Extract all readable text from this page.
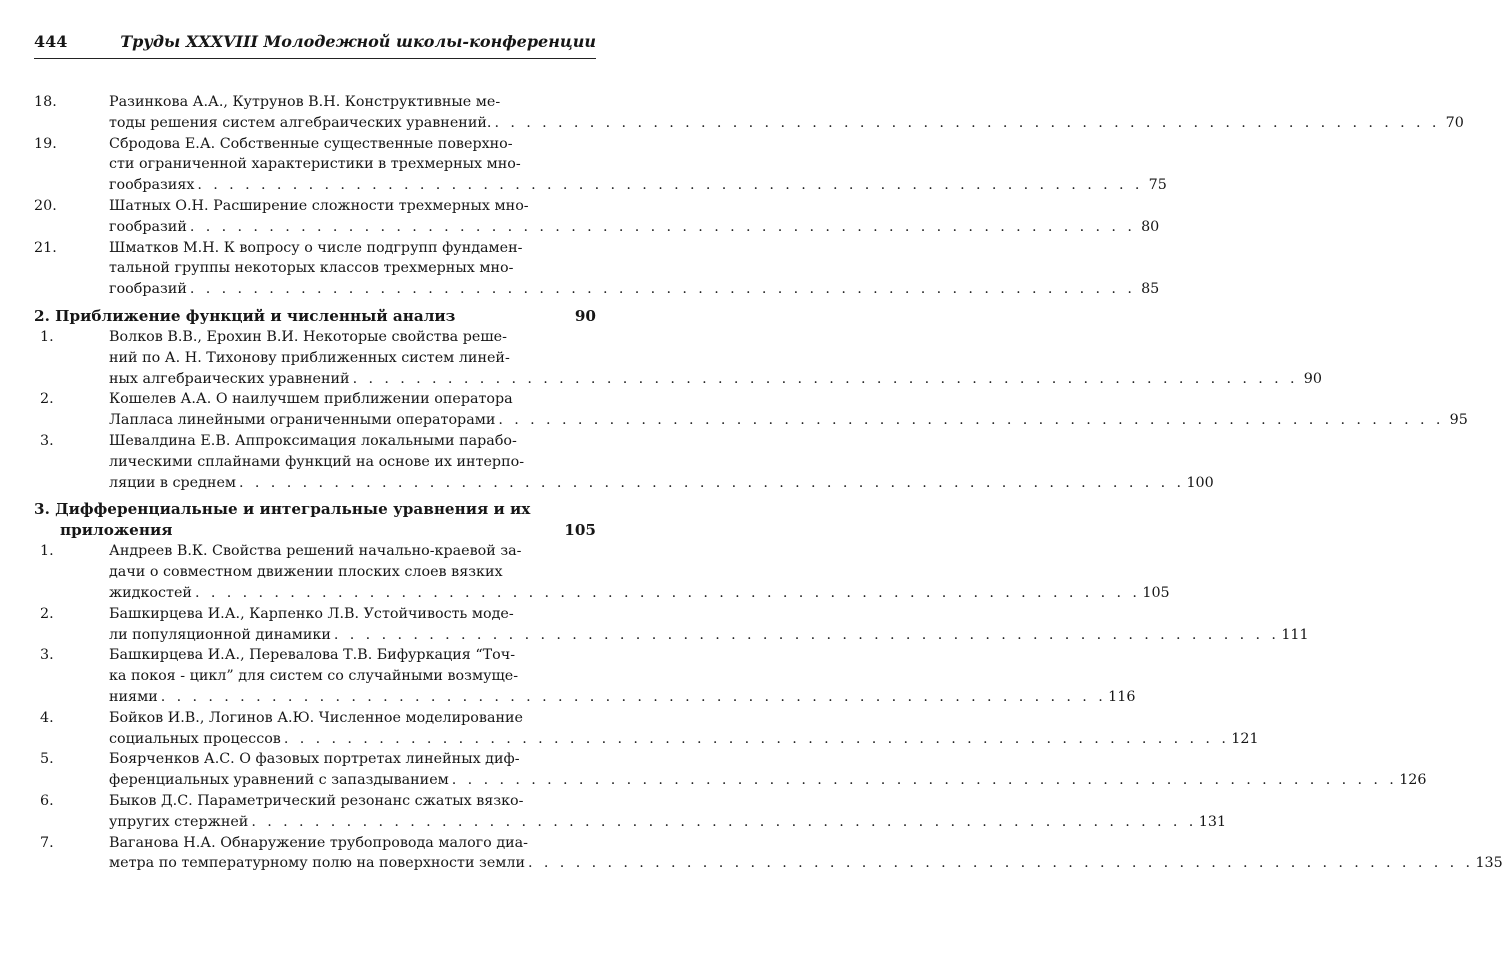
444	Труды XXXVIII Молодежной школы-конференции
18.	Разинкова А.А., Кутрунов В.Н. Конструктивные ме-
тоды решения систем алгебраических уравнений. . . . . . . . . . . . . . . . . . . . . . . . . . . . . . . . . . . . . . . . . . . . . . . . . . . . . . . . . . . . . 70
19.	Сбродова Е.А. Собственные существенные поверхно-
сти ограниченной характеристики в трехмерных мно-
гообразиях . . . . . . . . . . . . . . . . . . . . . . . . . . . . . . . . . . . . . . . . . . . . . . . . . . . . . . . . . . . . 75
20.	Шатных О.Н. Расширение сложности трехмерных мно-
гообразий . . . . . . . . . . . . . . . . . . . . . . . . . . . . . . . . . . . . . . . . . . . . . . . . . . . . . . . . . . . . 80
21.	Шматков М.Н. К вопросу о числе подгрупп фундамен-
тальной группы некоторых классов трехмерных мно-
гообразий . . . . . . . . . . . . . . . . . . . . . . . . . . . . . . . . . . . . . . . . . . . . . . . . . . . . . . . . . . . . 85
2. Приближение функций и численный анализ	90
1.	Волков В.В., Ерохин В.И. Некоторые свойства реше-
ний по А. Н. Тихонову приближенных систем линей-
ных алгебраических уравнений . . . . . . . . . . . . . . . . . . . . . . . . . . . . . . . . . . . . . . . . . . . . . . . . . . . . . . . . . . . . 90
2.	Кошелев А.А. О наилучшем приближении оператора
Лапласа линейными ограниченными операторами . . . . . . . . . . . . . . . . . . . . . . . . . . . . . . . . . . . . . . . . . . . . . . . . . . . . . . . . . . . . 95
3.	Шевалдина Е.В. Аппроксимация локальными парабо-
лическими сплайнами функций на основе их интерпо-
ляции в среднем . . . . . . . . . . . . . . . . . . . . . . . . . . . . . . . . . . . . . . . . . . . . . . . . . . . . . . . . . . . . 100
3. Дифференциальные и интегральные уравнения и их
приложения	105
1.	Андреев В.К. Свойства решений начально-краевой за-
дачи о совместном движении плоских слоев вязких
жидкостей . . . . . . . . . . . . . . . . . . . . . . . . . . . . . . . . . . . . . . . . . . . . . . . . . . . . . . . . . . . . 105
2.	Башкирцева И.А., Карпенко Л.В. Устойчивость моде-
ли популяционной динамики . . . . . . . . . . . . . . . . . . . . . . . . . . . . . . . . . . . . . . . . . . . . . . . . . . . . . . . . . . . . 111
3.	Башкирцева И.А., Перевалова Т.В. Бифуркация “Точ-
ка покоя - цикл” для систем со случайными возмуще-
ниями . . . . . . . . . . . . . . . . . . . . . . . . . . . . . . . . . . . . . . . . . . . . . . . . . . . . . . . . . . . . 116
4.	Бойков И.В., Логинов А.Ю. Численное моделирование
социальных процессов . . . . . . . . . . . . . . . . . . . . . . . . . . . . . . . . . . . . . . . . . . . . . . . . . . . . . . . . . . . . 121
5.	Боярченков А.С. О фазовых портретах линейных диф-
ференциальных уравнений с запаздыванием . . . . . . . . . . . . . . . . . . . . . . . . . . . . . . . . . . . . . . . . . . . . . . . . . . . . . . . . . . . . 126
6.	Быков Д.С. Параметрический резонанс сжатых вязко-
упругих стержней . . . . . . . . . . . . . . . . . . . . . . . . . . . . . . . . . . . . . . . . . . . . . . . . . . . . . . . . . . . . 131
7.	Ваганова Н.А. Обнаружение трубопровода малого диа-
метра по температурному полю на поверхности земли . . . . . . . . . . . . . . . . . . . . . . . . . . . . . . . . . . . . . . . . . . . . . . . . . . . . . . . . . . . . 135
